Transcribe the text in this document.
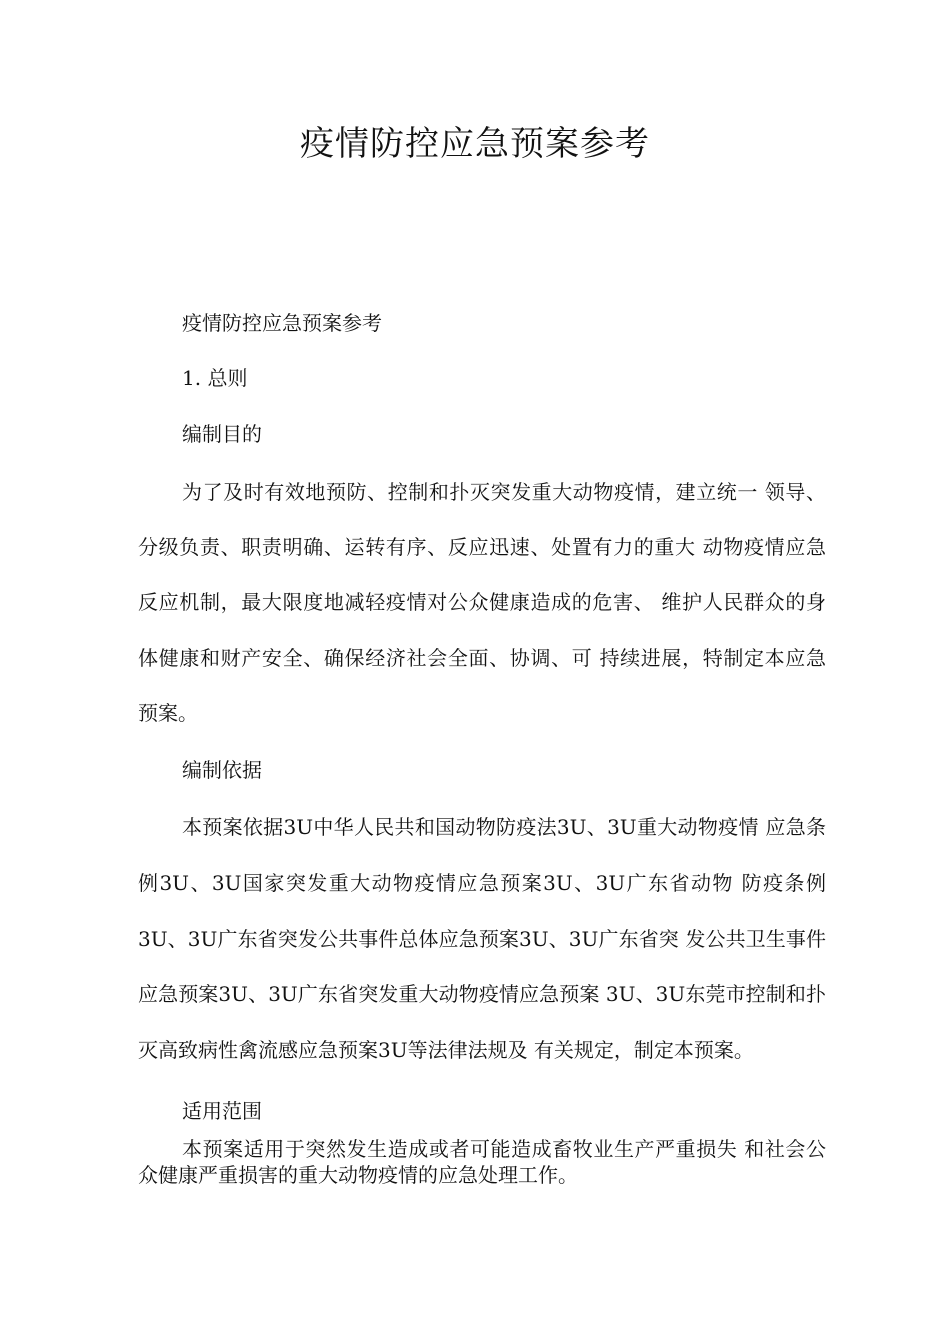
疫情防控应急预案参考

疫情防控应急预案参考

1. 总则

编制目的

为了及时有效地预防、控制和扑灭突发重大动物疫情，建立统一 领导、

分级负责、职责明确、运转有序、反应迅速、处置有力的重大 动物疫情应急

反应机制，最大限度地减轻疫情对公众健康造成的危害、 维护人民群众的身

体健康和财产安全、确保经济社会全面、协调、可 持续进展，特制定本应急

预案。

编制依据

本预案依据3U中华人民共和国动物防疫法3U、3U重大动物疫情 应急条

例3U、3U国家突发重大动物疫情应急预案3U、3U广东省动物 防疫条例

3U、3U广东省突发公共事件总体应急预案3U、3U广东省突 发公共卫生事件

应急预案3U、3U广东省突发重大动物疫情应急预案 3U、3U东莞市控制和扑

灭高致病性禽流感应急预案3U等法律法规及 有关规定，制定本预案。

适用范围

本预案适用于突然发生造成或者可能造成畜牧业生产严重损失 和社会公

众健康严重损害的重大动物疫情的应急处理工作。
